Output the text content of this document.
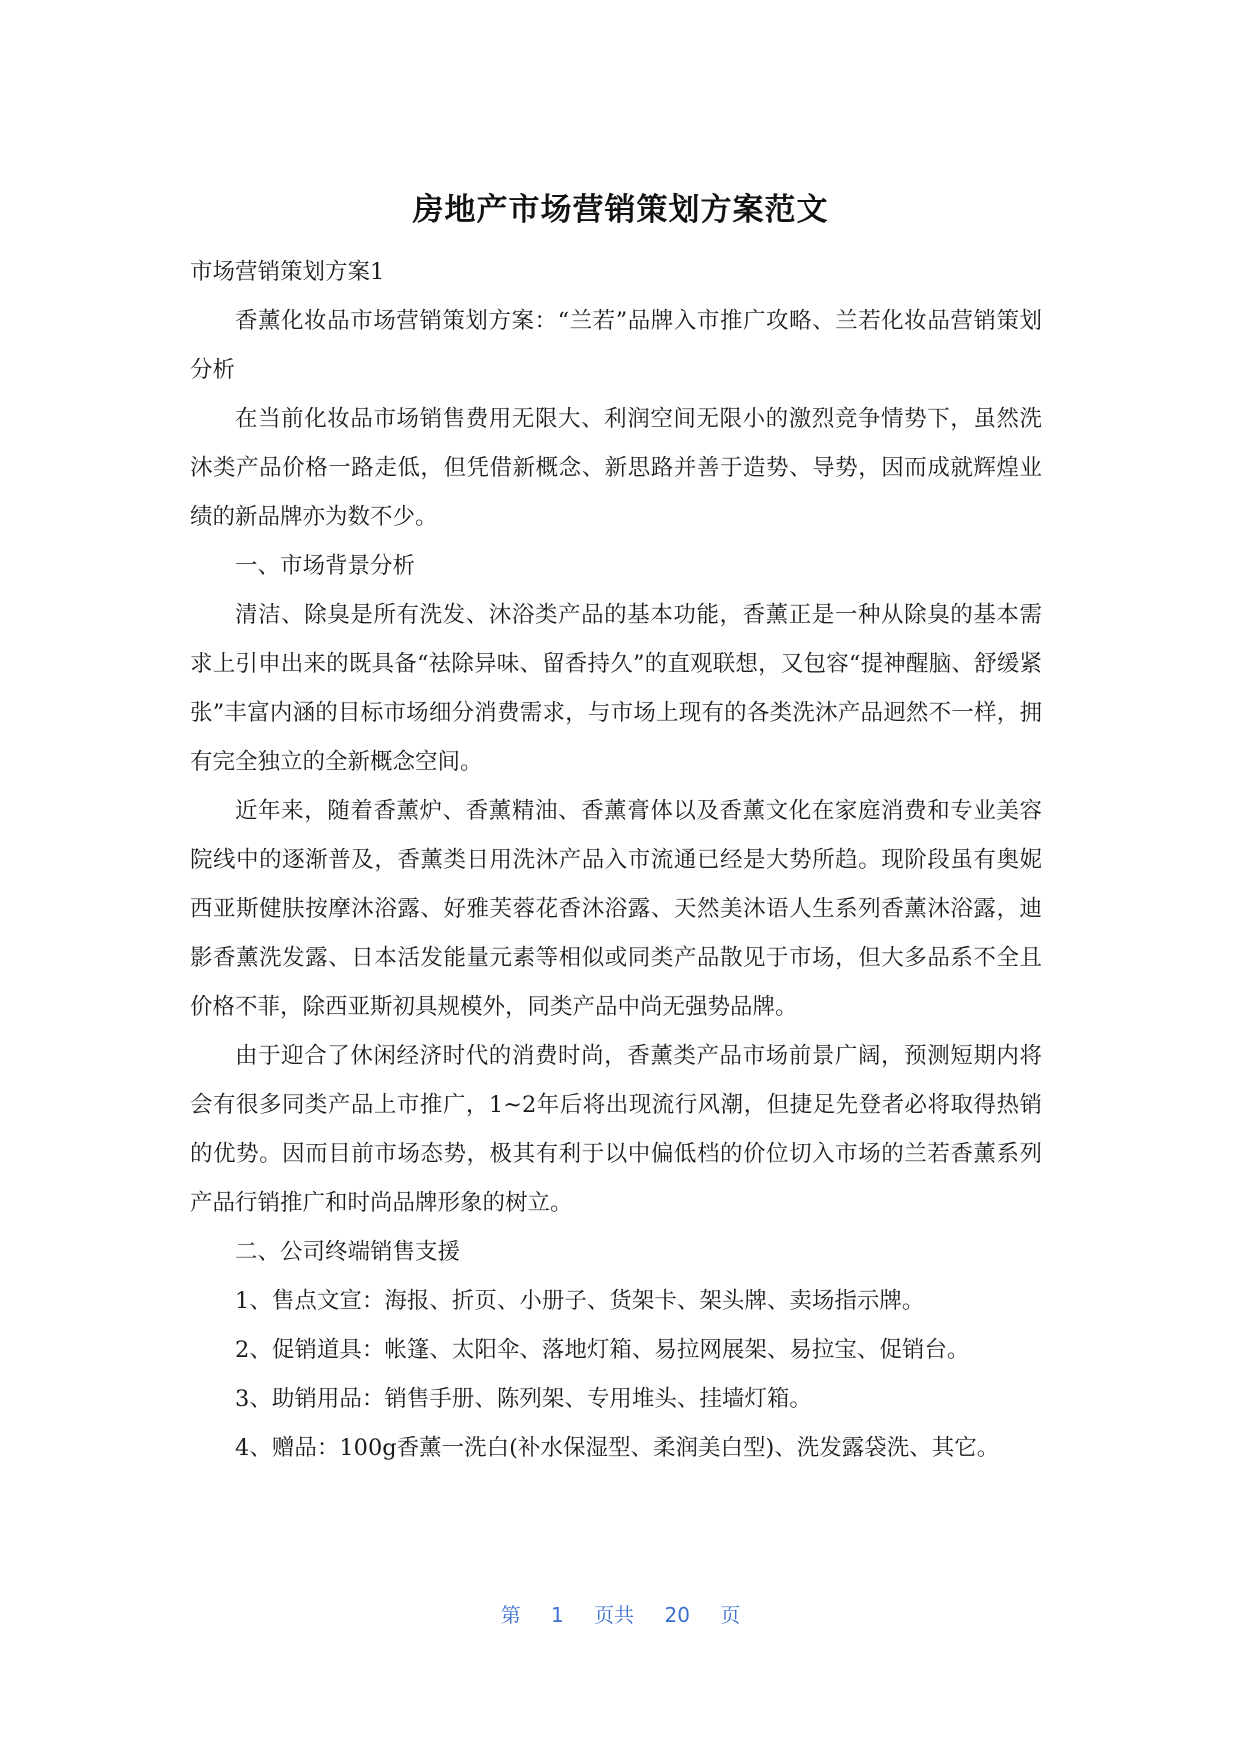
房地产市场营销策划方案范文

市场营销策划方案1

香薰化妆品市场营销策划方案：“兰若”品牌入市推广攻略、兰若化妆品营销策划分析

在当前化妆品市场销售费用无限大、利润空间无限小的激烈竞争情势下，虽然洗沐类产品价格一路走低，但凭借新概念、新思路并善于造势、导势，因而成就辉煌业绩的新品牌亦为数不少。

一、市场背景分析

清洁、除臭是所有洗发、沐浴类产品的基本功能，香薰正是一种从除臭的基本需求上引申出来的既具备“祛除异味、留香持久”的直观联想，又包容“提神醒脑、舒缓紧张”丰富内涵的目标市场细分消费需求，与市场上现有的各类洗沐产品迥然不一样，拥有完全独立的全新概念空间。

近年来，随着香薰炉、香薰精油、香薰膏体以及香薰文化在家庭消费和专业美容院线中的逐渐普及，香薰类日用洗沐产品入市流通已经是大势所趋。现阶段虽有奥妮西亚斯健肤按摩沐浴露、好雅芙蓉花香沐浴露、天然美沐语人生系列香薰沐浴露，迪影香薰洗发露、日本活发能量元素等相似或同类产品散见于市场，但大多品系不全且价格不菲，除西亚斯初具规模外，同类产品中尚无强势品牌。

由于迎合了休闲经济时代的消费时尚，香薰类产品市场前景广阔，预测短期内将会有很多同类产品上市推广，1~2年后将出现流行风潮，但捷足先登者必将取得热销的优势。因而目前市场态势，极其有利于以中偏低档的价位切入市场的兰若香薰系列产品行销推广和时尚品牌形象的树立。

二、公司终端销售支援

1、售点文宣：海报、折页、小册子、货架卡、架头牌、卖场指示牌。

2、促销道具：帐篷、太阳伞、落地灯箱、易拉网展架、易拉宝、促销台。

3、助销用品：销售手册、陈列架、专用堆头、挂墙灯箱。

4、赠品：100g香薰一洗白(补水保湿型、柔润美白型)、洗发露袋洗、其它。

第 1 页共 20 页
